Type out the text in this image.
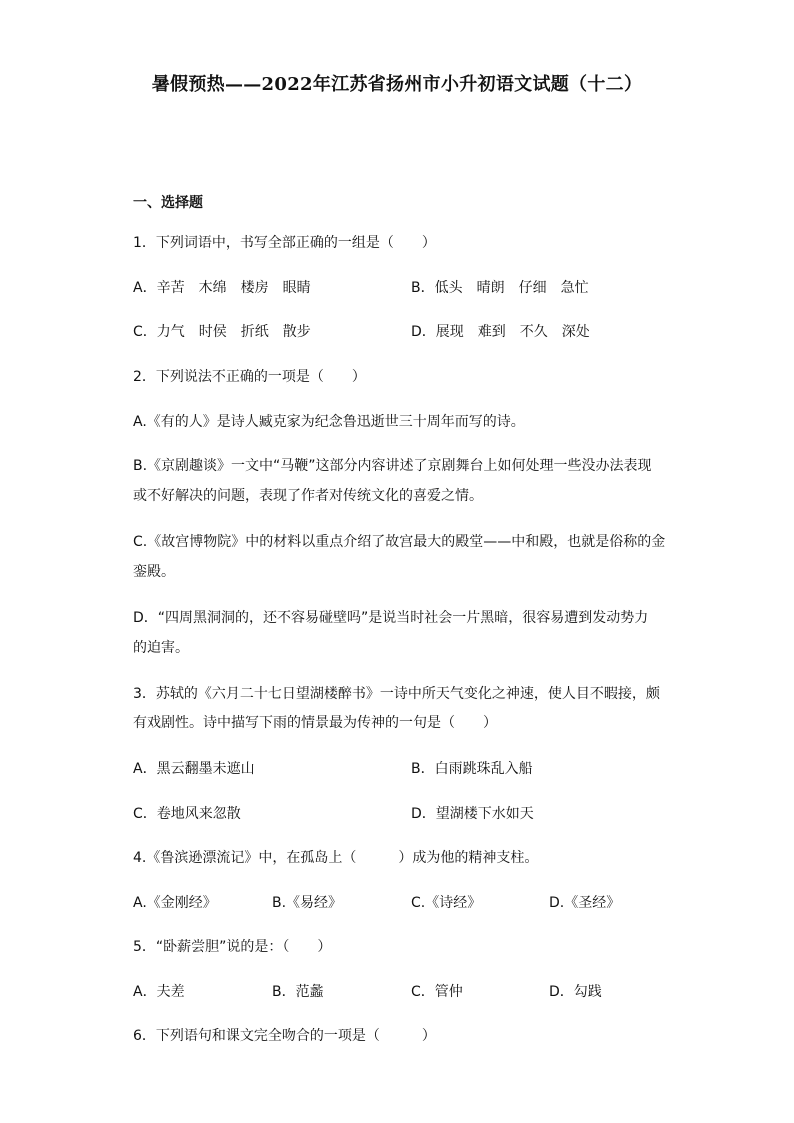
暑假预热——2022年江苏省扬州市小升初语文试题（十二）
一、选择题
1．下列词语中，书写全部正确的一组是（　　）
A．辛苦　木绵　楼房　眼睛	B．低头　晴朗　仔细　急忙
C．力气　时侯　折纸　散步	D．展现　难到　不久　深处
2．下列说法不正确的一项是（　　）
A.《有的人》是诗人臧克家为纪念鲁迅逝世三十周年而写的诗。
B.《京剧趣谈》一文中“马鞭”这部分内容讲述了京剧舞台上如何处理一些没办法表现
或不好解决的问题，表现了作者对传统文化的喜爱之情。
C.《故宫博物院》中的材料以重点介绍了故宫最大的殿堂——中和殿，也就是俗称的金
銮殿。
D．“四周黑洞洞的，还不容易碰壁吗”是说当时社会一片黑暗，很容易遭到发动势力
的迫害。
3．苏轼的《六月二十七日望湖楼醉书》一诗中所天气变化之神速，使人目不暇接，颇
有戏剧性。诗中描写下雨的情景最为传神的一句是（　　）
A．黑云翻墨未遮山	B．白雨跳珠乱入船
C．卷地风来忽散	D．望湖楼下水如天
4.《鲁滨逊漂流记》中，在孤岛上（　　　）成为他的精神支柱。
A.《金刚经》	B.《易经》	C.《诗经》	D.《圣经》
5．“卧薪尝胆”说的是：（　　）
A．夫差	B．范蠡	C．管仲	D．勾践
6．下列语句和课文完全吻合的一项是（　　　）
